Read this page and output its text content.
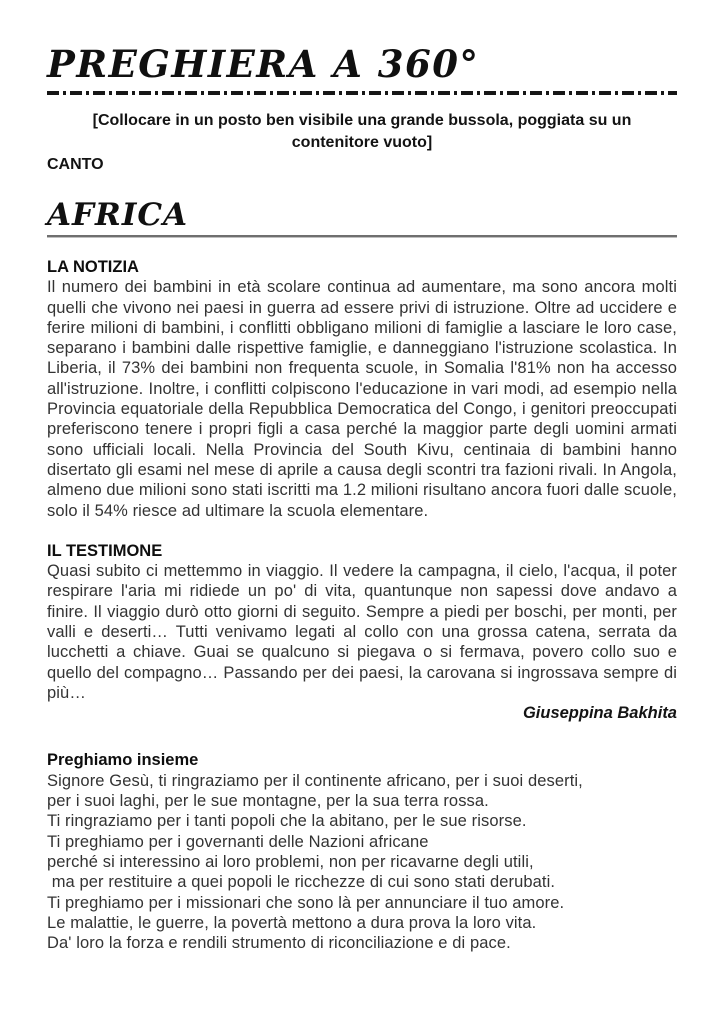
PREGHIERA A 360°
[Collocare in un posto ben visibile una grande bussola, poggiata su un
contenitore vuoto]
CANTO
AFRICA
LA NOTIZIA
Il numero dei bambini in età scolare continua ad aumentare, ma sono ancora molti quelli che vivono nei paesi in guerra ad essere privi di istruzione. Oltre ad uccidere e ferire milioni di bambini, i conflitti obbligano milioni di famiglie a lasciare le loro case, separano i bambini dalle rispettive famiglie, e danneggiano l'istruzione scolastica. In Liberia, il 73% dei bambini non frequenta scuole, in Somalia l'81% non ha accesso all'istruzione. Inoltre, i conflitti colpiscono l'educazione in vari modi, ad esempio nella Provincia equatoriale della Repubblica Democratica del Congo, i genitori preoccupati preferiscono tenere i propri figli a casa perché la maggior parte degli uomini armati sono ufficiali locali. Nella Provincia del South Kivu, centinaia di bambini hanno disertato gli esami nel mese di aprile a causa degli scontri tra fazioni rivali. In Angola, almeno due milioni sono stati iscritti ma 1.2 milioni risultano ancora fuori dalle scuole, solo il 54% riesce ad ultimare la scuola elementare.
IL TESTIMONE
Quasi subito ci mettemmo in viaggio. Il vedere la campagna, il cielo, l'acqua, il poter respirare l'aria mi ridiede un po' di vita, quantunque non sapessi dove andavo a finire. Il viaggio durò otto giorni di seguito. Sempre a piedi per boschi, per monti, per valli e deserti… Tutti venivamo legati al collo con una grossa catena, serrata da lucchetti a chiave. Guai se qualcuno si piegava o si fermava, povero collo suo e quello del compagno… Passando per dei paesi, la carovana si ingrossava sempre di più…
Giuseppina Bakhita
Preghiamo insieme
Signore Gesù, ti ringraziamo per il continente africano, per i suoi deserti,
per i suoi laghi, per le sue montagne, per la sua terra rossa.
Ti ringraziamo per i tanti popoli che la abitano, per le sue risorse.
Ti preghiamo per i governanti delle Nazioni africane
perché si interessino ai loro problemi, non per ricavarne degli utili,
ma per restituire a quei popoli le ricchezze di cui sono stati derubati.
Ti preghiamo per i missionari che sono là per annunciare il tuo amore.
Le malattie, le guerre, la povertà mettono a dura prova la loro vita.
Da' loro la forza e rendili strumento di riconciliazione e di pace.
